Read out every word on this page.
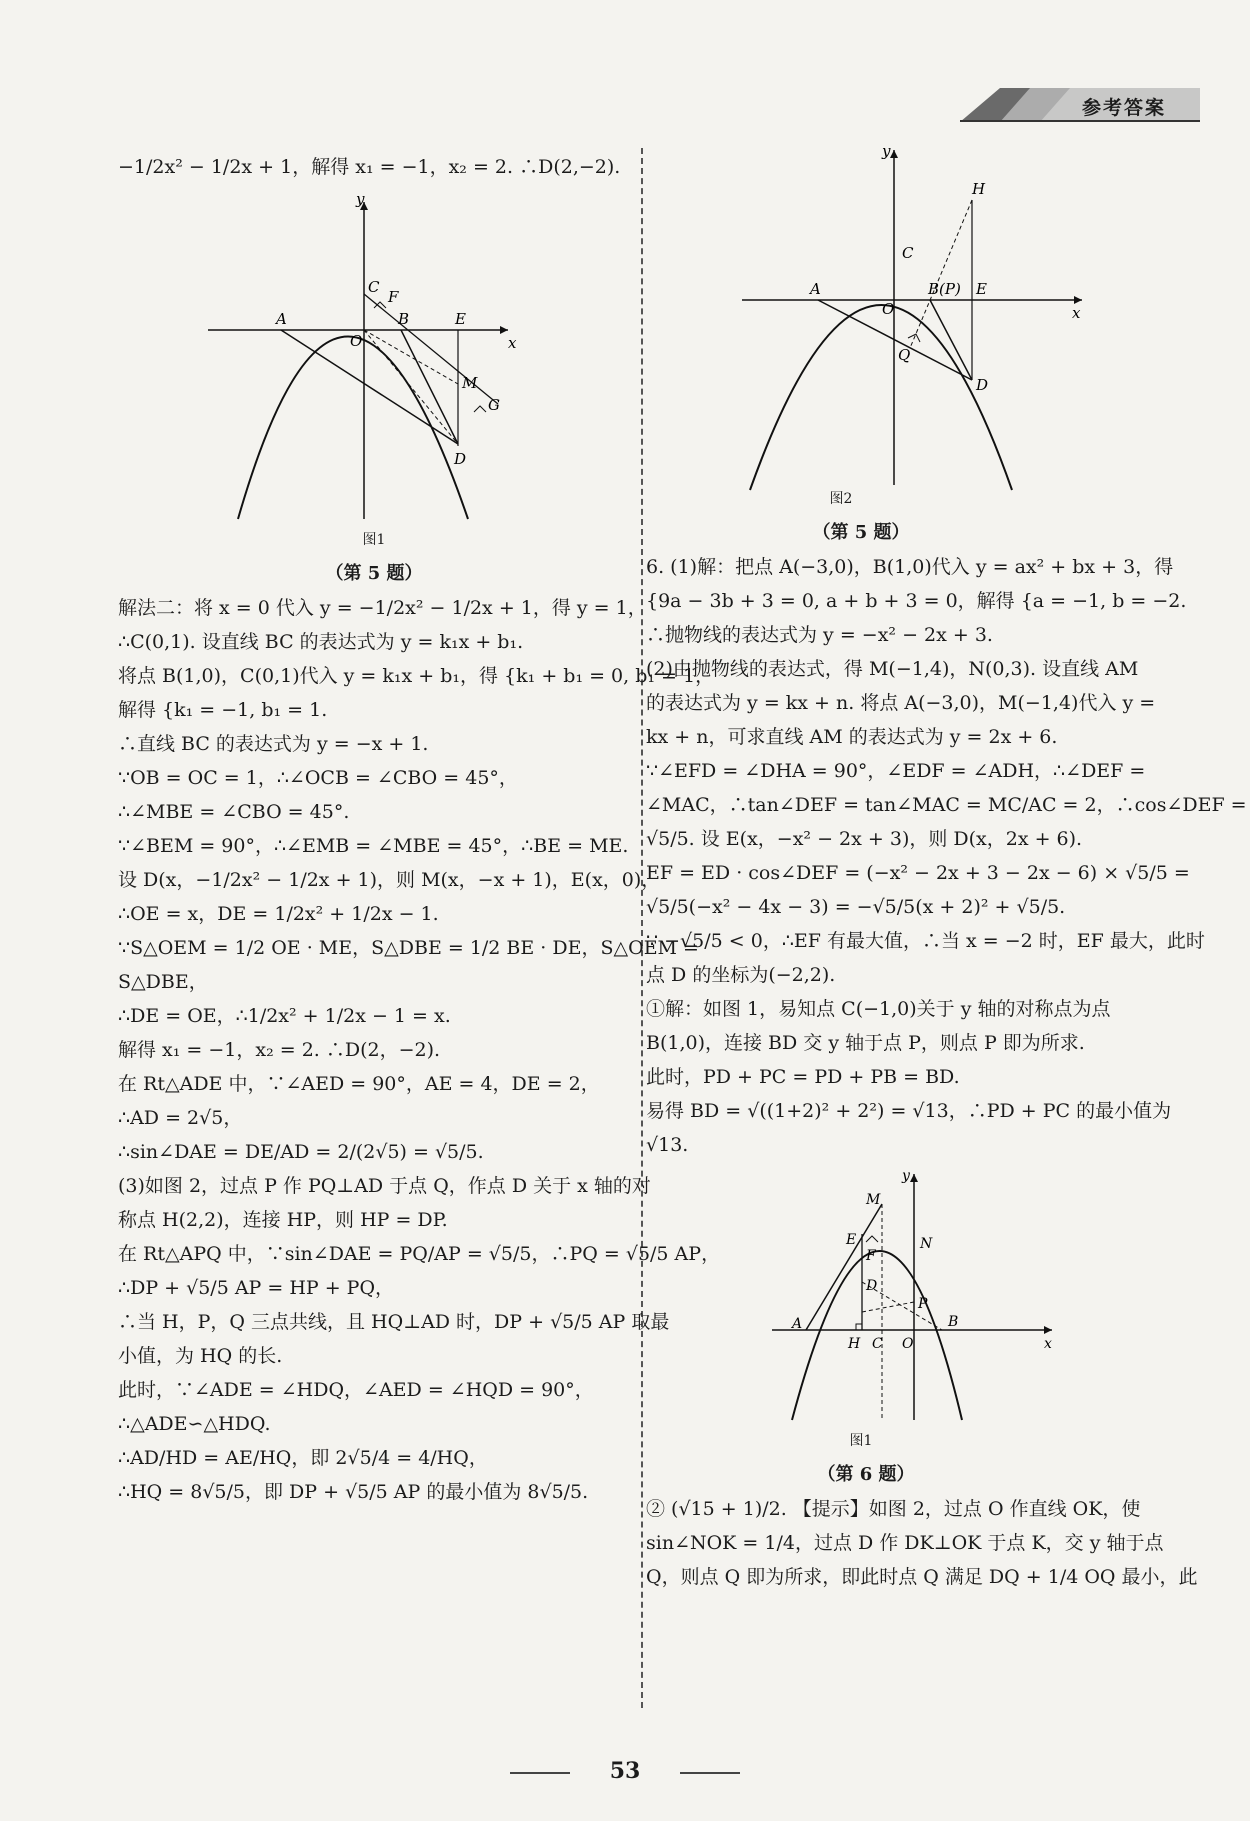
参考答案
−1/2x² − 1/2x + 1，解得 x₁ = −1，x₂ = 2. ∴D(2,−2).
y
x
A
O
C
F
B	E
M
G
D
图1
（第 5 题）
解法二：将 x = 0 代入 y = −1/2x² − 1/2x + 1，得 y = 1，
∴C(0,1). 设直线 BC 的表达式为 y = k₁x + b₁.
将点 B(1,0)，C(0,1)代入 y = k₁x + b₁，得 {k₁ + b₁ = 0, b₁ = 1，
解得 {k₁ = −1, b₁ = 1.
∴直线 BC 的表达式为 y = −x + 1.
∵OB = OC = 1，∴∠OCB = ∠CBO = 45°，
∴∠MBE = ∠CBO = 45°.
∵∠BEM = 90°，∴∠EMB = ∠MBE = 45°，∴BE = ME.
设 D(x，−1/2x² − 1/2x + 1)，则 M(x，−x + 1)，E(x，0)，
∴OE = x，DE = 1/2x² + 1/2x − 1.
∵S△OEM = 1/2 OE · ME，S△DBE = 1/2 BE · DE，S△OEM =
S△DBE，
∴DE = OE，∴1/2x² + 1/2x − 1 = x.
解得 x₁ = −1，x₂ = 2. ∴D(2，−2).
在 Rt△ADE 中，∵∠AED = 90°，AE = 4，DE = 2，
∴AD = 2√5，
∴sin∠DAE = DE/AD = 2/(2√5) = √5/5.
(3)如图 2，过点 P 作 PQ⊥AD 于点 Q，作点 D 关于 x 轴的对
称点 H(2,2)，连接 HP，则 HP = DP.
在 Rt△APQ 中，∵sin∠DAE = PQ/AP = √5/5，∴PQ = √5/5 AP，
∴DP + √5/5 AP = HP + PQ，
∴当 H，P，Q 三点共线，且 HQ⊥AD 时，DP + √5/5 AP 取最
小值，为 HQ 的长.
此时，∵∠ADE = ∠HDQ，∠AED = ∠HQD = 90°，
∴△ADE∽△HDQ.
∴AD/HD = AE/HQ，即 2√5/4 = 4/HQ，
∴HQ = 8√5/5，即 DP + √5/5 AP 的最小值为 8√5/5.
y
x
A
O
C
B(P) E
H
Q
D
图2
（第 5 题）
6. (1)解：把点 A(−3,0)，B(1,0)代入 y = ax² + bx + 3，得
{9a − 3b + 3 = 0, a + b + 3 = 0，解得 {a = −1, b = −2.
∴抛物线的表达式为 y = −x² − 2x + 3.
(2)由抛物线的表达式，得 M(−1,4)，N(0,3). 设直线 AM
的表达式为 y = kx + n. 将点 A(−3,0)，M(−1,4)代入 y =
kx + n，可求直线 AM 的表达式为 y = 2x + 6.
∵∠EFD = ∠DHA = 90°，∠EDF = ∠ADH，∴∠DEF =
∠MAC，∴tan∠DEF = tan∠MAC = MC/AC = 2，∴cos∠DEF =
√5/5. 设 E(x，−x² − 2x + 3)，则 D(x，2x + 6).
EF = ED · cos∠DEF = (−x² − 2x + 3 − 2x − 6) × √5/5 =
√5/5(−x² − 4x − 3) = −√5/5(x + 2)² + √5/5.
∵ −√5/5 < 0，∴EF 有最大值，∴当 x = −2 时，EF 最大，此时
点 D 的坐标为(−2,2).
①解：如图 1，易知点 C(−1,0)关于 y 轴的对称点为点
B(1,0)，连接 BD 交 y 轴于点 P，则点 P 即为所求.
此时，PD + PC = PD + PB = BD.
易得 BD = √((1+2)² + 2²) = √13，∴PD + PC 的最小值为
√13.
y
x
A
H C O
B
M
E
F
D
N
P
图1
（第 6 题）
② (√15 + 1)/2. 【提示】如图 2，过点 O 作直线 OK，使
sin∠NOK = 1/4，过点 D 作 DK⊥OK 于点 K，交 y 轴于点
Q，则点 Q 即为所求，即此时点 Q 满足 DQ + 1/4 OQ 最小，此
53
